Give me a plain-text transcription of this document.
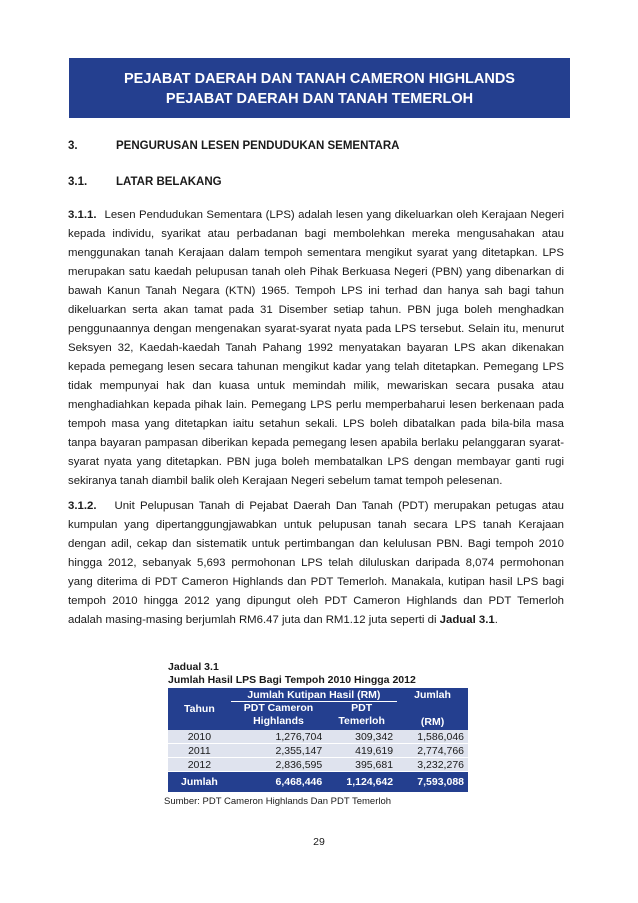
PEJABAT DAERAH DAN TANAH CAMERON HIGHLANDS
PEJABAT DAERAH DAN TANAH TEMERLOH
3.	PENGURUSAN LESEN PENDUDUKAN SEMENTARA
3.1.	LATAR BELAKANG
3.1.1. Lesen Pendudukan Sementara (LPS) adalah lesen yang dikeluarkan oleh Kerajaan Negeri kepada individu, syarikat atau perbadanan bagi membolehkan mereka mengusahakan atau menggunakan tanah Kerajaan dalam tempoh sementara mengikut syarat yang ditetapkan. LPS merupakan satu kaedah pelupusan tanah oleh Pihak Berkuasa Negeri (PBN) yang dibenarkan di bawah Kanun Tanah Negara (KTN) 1965. Tempoh LPS ini terhad dan hanya sah bagi tahun dikeluarkan serta akan tamat pada 31 Disember setiap tahun. PBN juga boleh menghadkan penggunaannya dengan mengenakan syarat-syarat nyata pada LPS tersebut. Selain itu, menurut Seksyen 32, Kaedah-kaedah Tanah Pahang 1992 menyatakan bayaran LPS akan dikenakan kepada pemegang lesen secara tahunan mengikut kadar yang telah ditetapkan. Pemegang LPS tidak mempunyai hak dan kuasa untuk memindah milik, mewariskan secara pusaka atau menghadiahkan kepada pihak lain. Pemegang LPS perlu memperbaharui lesen berkenaan pada tempoh masa yang ditetapkan iaitu setahun sekali. LPS boleh dibatalkan pada bila-bila masa tanpa bayaran pampasan diberikan kepada pemegang lesen apabila berlaku pelanggaran syarat-syarat nyata yang ditetapkan. PBN juga boleh membatalkan LPS dengan membayar ganti rugi sekiranya tanah diambil balik oleh Kerajaan Negeri sebelum tamat tempoh pelesenan.
3.1.2. Unit Pelupusan Tanah di Pejabat Daerah Dan Tanah (PDT) merupakan petugas atau kumpulan yang dipertanggungjawabkan untuk pelupusan tanah secara LPS tanah Kerajaan dengan adil, cekap dan sistematik untuk pertimbangan dan kelulusan PBN. Bagi tempoh 2010 hingga 2012, sebanyak 5,693 permohonan LPS telah diluluskan daripada 8,074 permohonan yang diterima di PDT Cameron Highlands dan PDT Temerloh. Manakala, kutipan hasil LPS bagi tempoh 2010 hingga 2012 yang dipungut oleh PDT Cameron Highlands dan PDT Temerloh adalah masing-masing berjumlah RM6.47 juta dan RM1.12 juta seperti di Jadual 3.1.
Jadual 3.1
Jumlah Hasil LPS Bagi Tempoh 2010 Hingga 2012
Tahun	Jumlah Kutipan Hasil (RM)		Jumlah
	PDT Cameron Highlands	PDT Temerloh	(RM)
2010	1,276,704	309,342	1,586,046
2011	2,355,147	419,619	2,774,766
2012	2,836,595	395,681	3,232,276
Jumlah	6,468,446	1,124,642	7,593,088
Sumber: PDT Cameron Highlands Dan PDT Temerloh
29
